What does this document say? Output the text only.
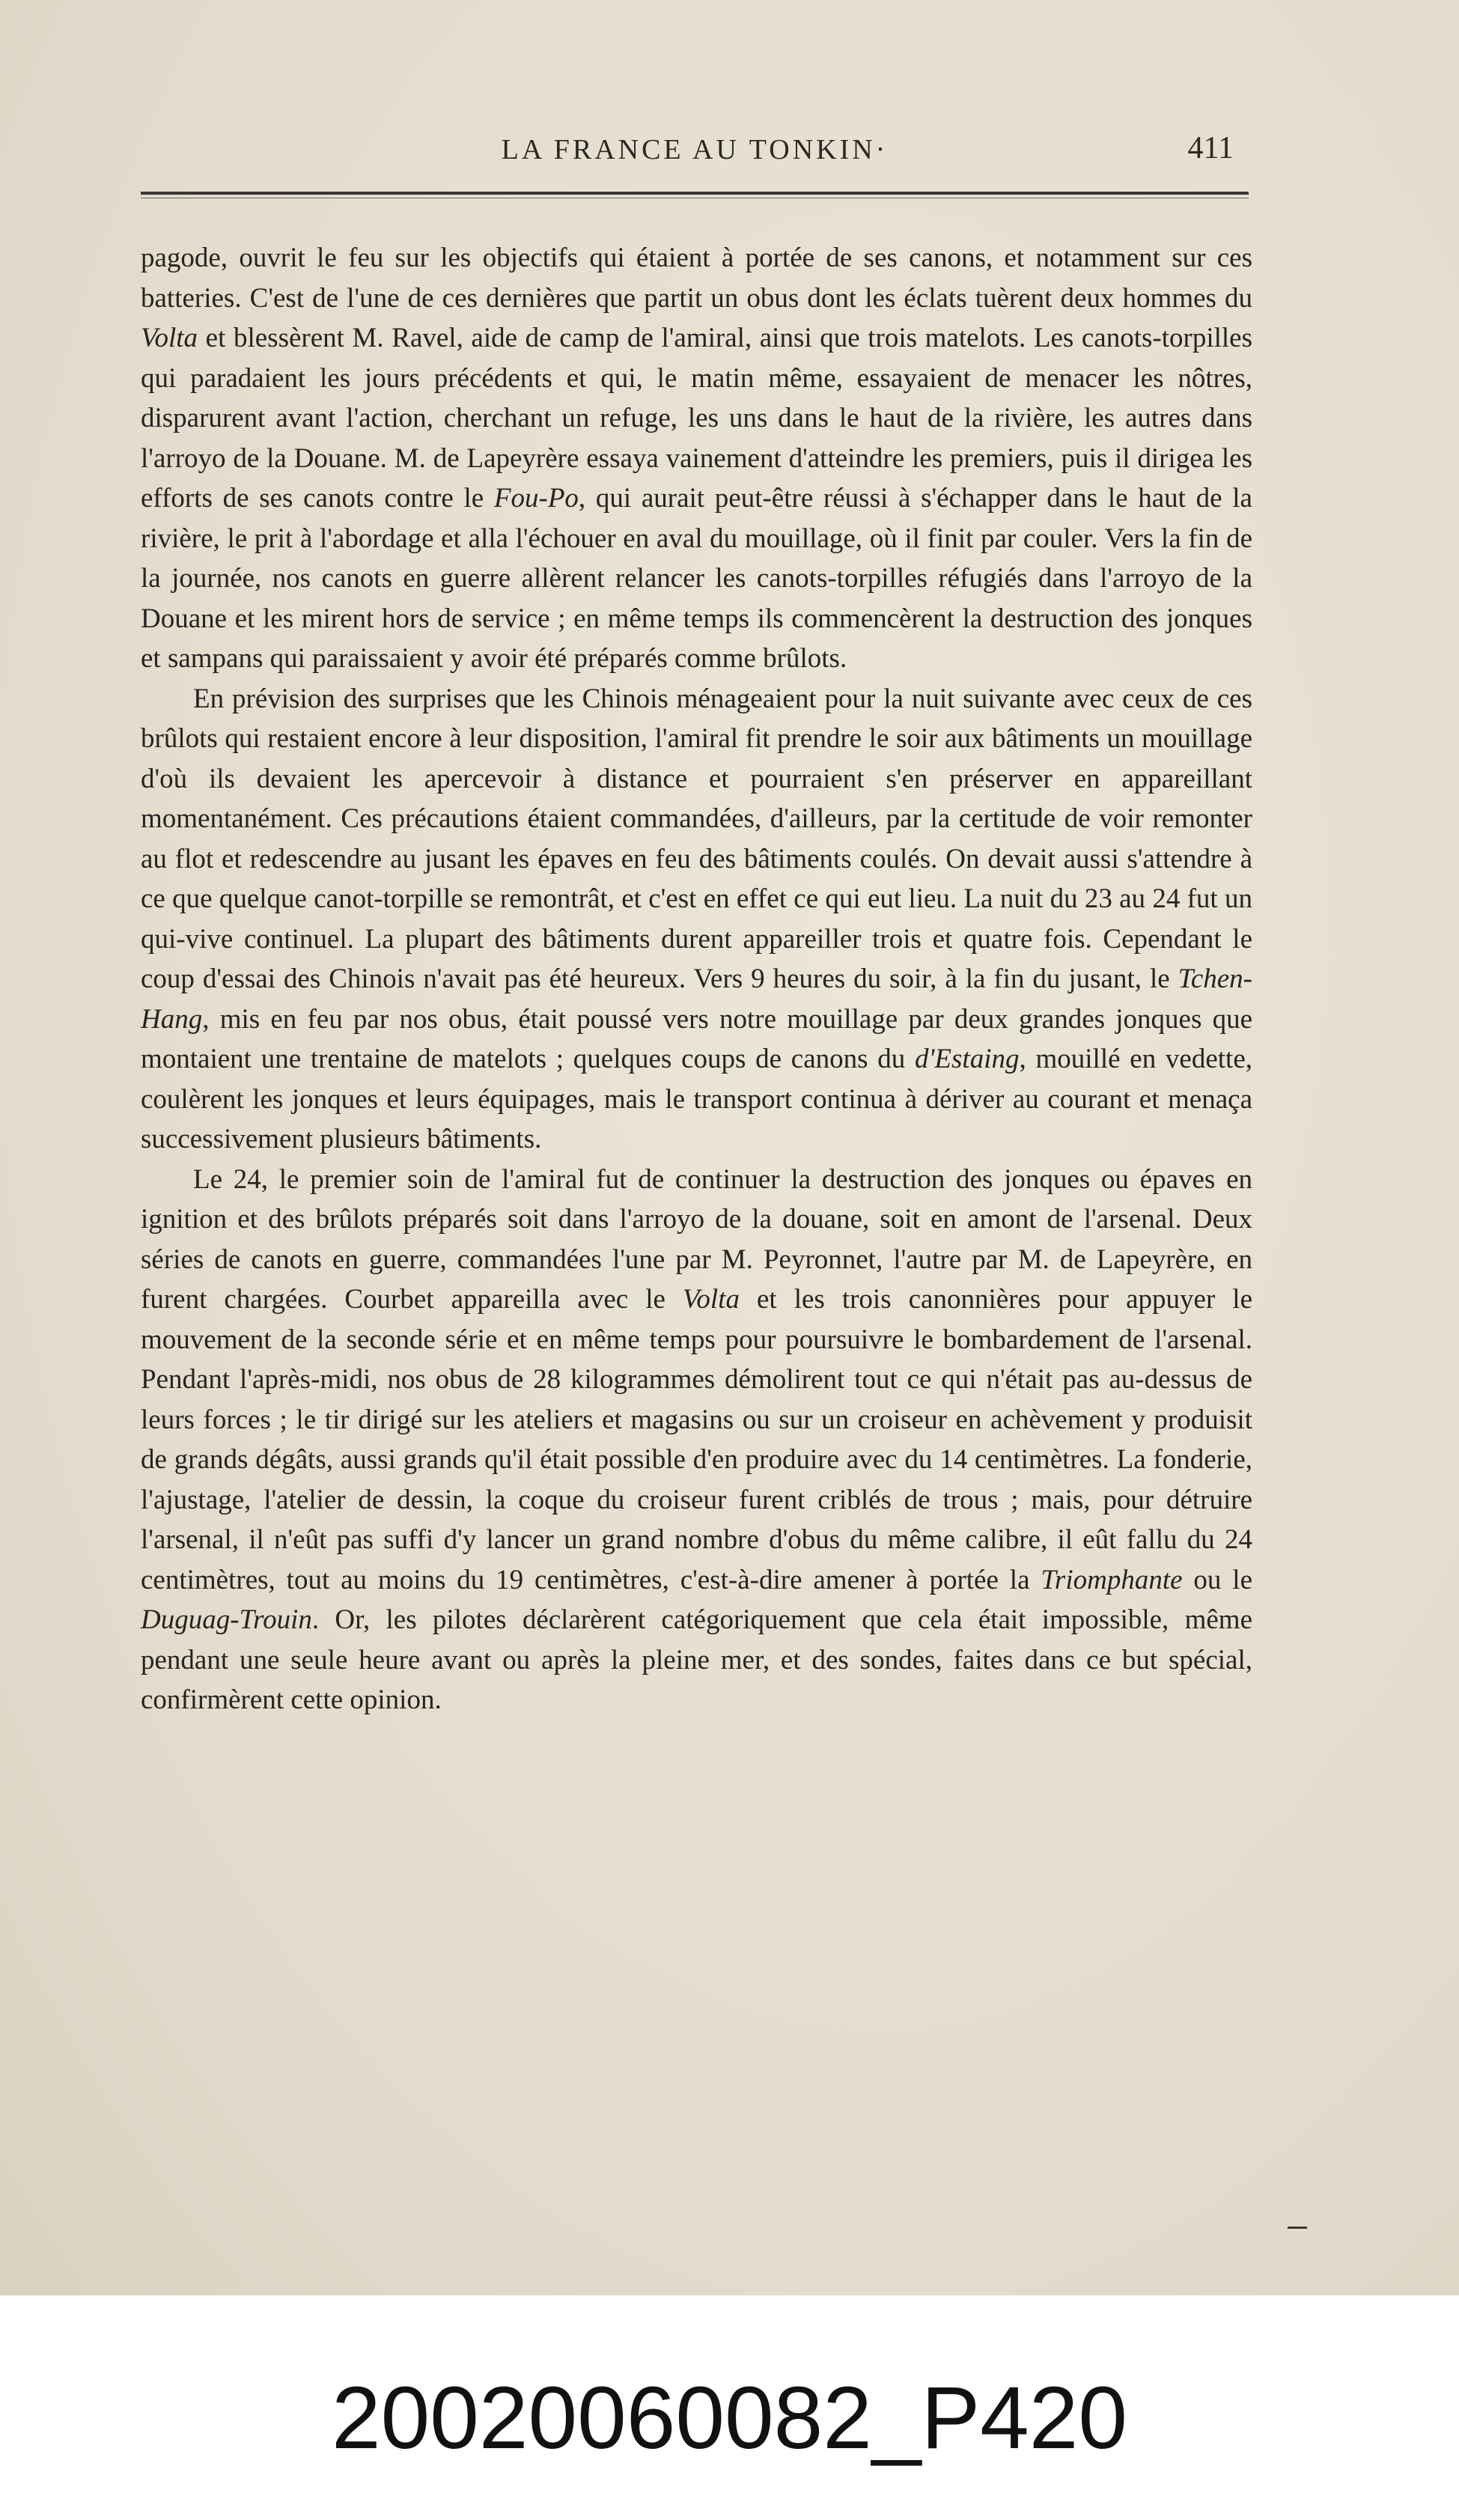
LA FRANCE AU TONKIN·	411

pagode, ouvrit le feu sur les objectifs qui étaient à portée de ses canons, et notamment sur ces batteries. C'est de l'une de ces dernières que partit un obus dont les éclats tuèrent deux hommes du Volta et blessèrent M. Ravel, aide de camp de l'amiral, ainsi que trois matelots. Les canots-torpilles qui paradaient les jours précédents et qui, le matin même, essayaient de menacer les nôtres, disparurent avant l'action, cherchant un refuge, les uns dans le haut de la rivière, les autres dans l'arroyo de la Douane. M. de Lapeyrère essaya vainement d'atteindre les premiers, puis il dirigea les efforts de ses canots contre le Fou-Po, qui aurait peut-être réussi à s'échapper dans le haut de la rivière, le prit à l'abordage et alla l'échouer en aval du mouillage, où il finit par couler. Vers la fin de la journée, nos canots en guerre allèrent relancer les canots-torpilles réfugiés dans l'arroyo de la Douane et les mirent hors de service ; en même temps ils commencèrent la destruction des jonques et sampans qui paraissaient y avoir été préparés comme brûlots.

En prévision des surprises que les Chinois ménageaient pour la nuit suivante avec ceux de ces brûlots qui restaient encore à leur disposition, l'amiral fit prendre le soir aux bâtiments un mouillage d'où ils devaient les apercevoir à distance et pourraient s'en préserver en appareillant momentanément. Ces précautions étaient commandées, d'ailleurs, par la certitude de voir remonter au flot et redescendre au jusant les épaves en feu des bâtiments coulés. On devait aussi s'attendre à ce que quelque canot-torpille se remontrât, et c'est en effet ce qui eut lieu. La nuit du 23 au 24 fut un qui-vive continuel. La plupart des bâtiments durent appareiller trois et quatre fois. Cependant le coup d'essai des Chinois n'avait pas été heureux. Vers 9 heures du soir, à la fin du jusant, le Tchen-Hang, mis en feu par nos obus, était poussé vers notre mouillage par deux grandes jonques que montaient une trentaine de matelots ; quelques coups de canons du d'Estaing, mouillé en vedette, coulèrent les jonques et leurs équipages, mais le transport continua à dériver au courant et menaça successivement plusieurs bâtiments.

Le 24, le premier soin de l'amiral fut de continuer la destruction des jonques ou épaves en ignition et des brûlots préparés soit dans l'arroyo de la douane, soit en amont de l'arsenal. Deux séries de canots en guerre, commandées l'une par M. Peyronnet, l'autre par M. de Lapeyrère, en furent chargées. Courbet appareilla avec le Volta et les trois canonnières pour appuyer le mouvement de la seconde série et en même temps pour poursuivre le bombardement de l'arsenal. Pendant l'après-midi, nos obus de 28 kilogrammes démolirent tout ce qui n'était pas au-dessus de leurs forces ; le tir dirigé sur les ateliers et magasins ou sur un croiseur en achèvement y produisit de grands dégâts, aussi grands qu'il était possible d'en produire avec du 14 centimètres. La fonderie, l'ajustage, l'atelier de dessin, la coque du croiseur furent criblés de trous ; mais, pour détruire l'arsenal, il n'eût pas suffi d'y lancer un grand nombre d'obus du même calibre, il eût fallu du 24 centimètres, tout au moins du 19 centimètres, c'est-à-dire amener à portée la Triomphante ou le Duguag-Trouin. Or, les pilotes déclarèrent catégoriquement que cela était impossible, même pendant une seule heure avant ou après la pleine mer, et des sondes, faites dans ce but spécial, confirmèrent cette opinion.

20020060082_P420
